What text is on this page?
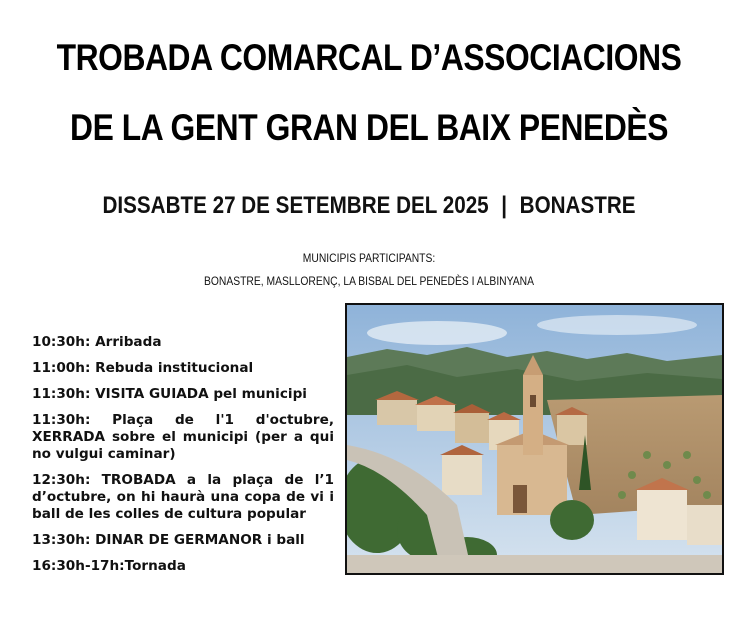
TROBADA COMARCAL D’ASSOCIACIONS
DE LA GENT GRAN DEL BAIX PENEDÈS
DISSABTE 27 DE SETEMBRE DEL 2025 | BONASTRE
MUNICIPIS PARTICIPANTS:
BONASTRE, MASLLORENÇ, LA BISBAL DEL PENEDÈS I ALBINYANA
10:30h: Arribada
11:00h: Rebuda institucional
11:30h: VISITA GUIADA pel municipi
11:30h: Plaça de l'1 d'octubre, XERRADA sobre el municipi (per a qui no vulgui caminar)
12:30h: TROBADA a la plaça de l’1 d’octubre, on hi haurà una copa de vi i ball de les colles de cultura popular
13:30h: DINAR DE GERMANOR i ball
16:30h-17h:Tornada
